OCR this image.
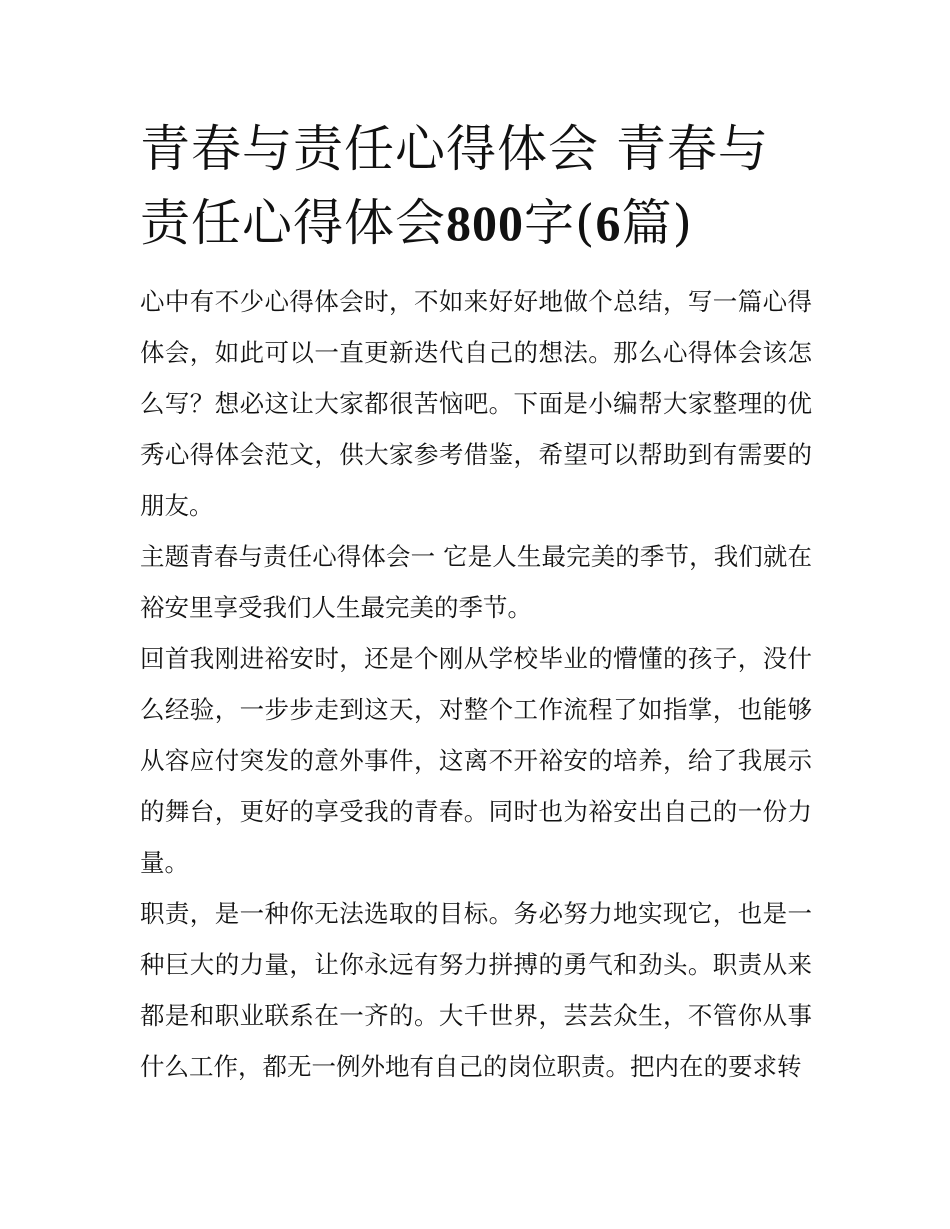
青春与责任心得体会 青春与责任心得体会800字(6篇)

心中有不少心得体会时，不如来好好地做个总结，写一篇心得体会，如此可以一直更新迭代自己的想法。那么心得体会该怎么写？想必这让大家都很苦恼吧。下面是小编帮大家整理的优秀心得体会范文，供大家参考借鉴，希望可以帮助到有需要的朋友。

主题青春与责任心得体会一 它是人生最完美的季节，我们就在裕安里享受我们人生最完美的季节。

回首我刚进裕安时，还是个刚从学校毕业的懵懂的孩子，没什么经验，一步步走到这天，对整个工作流程了如指掌，也能够从容应付突发的意外事件，这离不开裕安的培养，给了我展示的舞台，更好的享受我的青春。同时也为裕安出自己的一份力量。

职责，是一种你无法选取的目标。务必努力地实现它，也是一种巨大的力量，让你永远有努力拼搏的勇气和劲头。职责从来都是和职业联系在一齐的。大千世界，芸芸众生，不管你从事什么工作，都无一例外地有自己的岗位职责。把内在的要求转
